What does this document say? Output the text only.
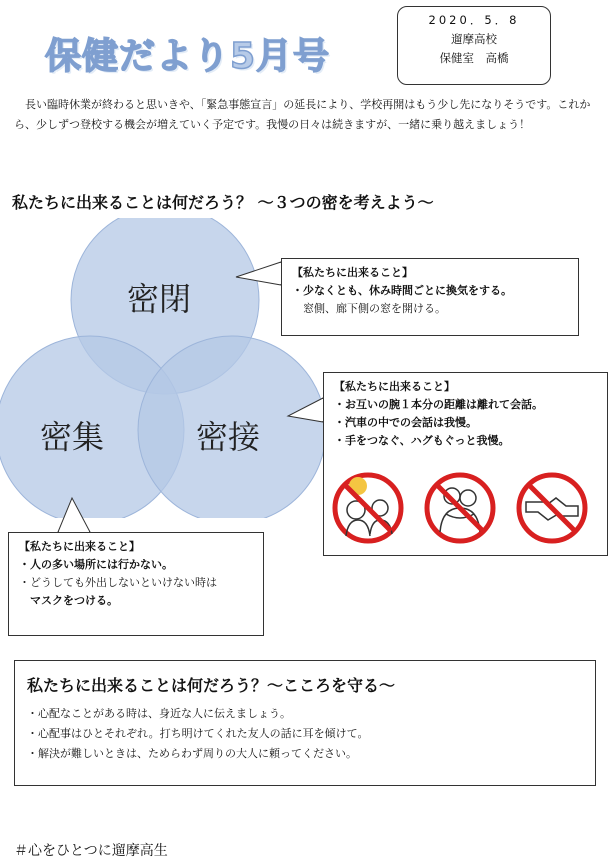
保健だより5月号
2020．5．8
遛摩高校
保健室　高橋
長い臨時休業が終わると思いきや、「緊急事態宣言」の延長により、学校再開はもう少し先になりそうです。これから、少しずつ登校する機会が増えていく予定です。我慢の日々は続きますが、一緒に乗り越えましょう！
私たちに出来ることは何だろう？ ～３つの密を考えよう～
密閉
密集	密接
【私たちに出来ること】
・少なくとも、休み時間ごとに換気をする。
　窓側、廊下側の窓を開ける。
【私たちに出来ること】
・お互いの腕１本分の距離は離れて会話。
・汽車の中での会話は我慢。
・手をつなぐ、ハグもぐっと我慢。
【私たちに出来ること】
・人の多い場所には行かない。
・どうしても外出しないといけない時は
　マスクをつける。
私たちに出来ることは何だろう？～こころを守る～
・心配なことがある時は、身近な人に伝えましょう。
・心配事はひとそれぞれ。打ち明けてくれた友人の話に耳を傾けて。
・解決が難しいときは、ためらわず周りの大人に頼ってください。
＃心をひとつに遛摩高生
